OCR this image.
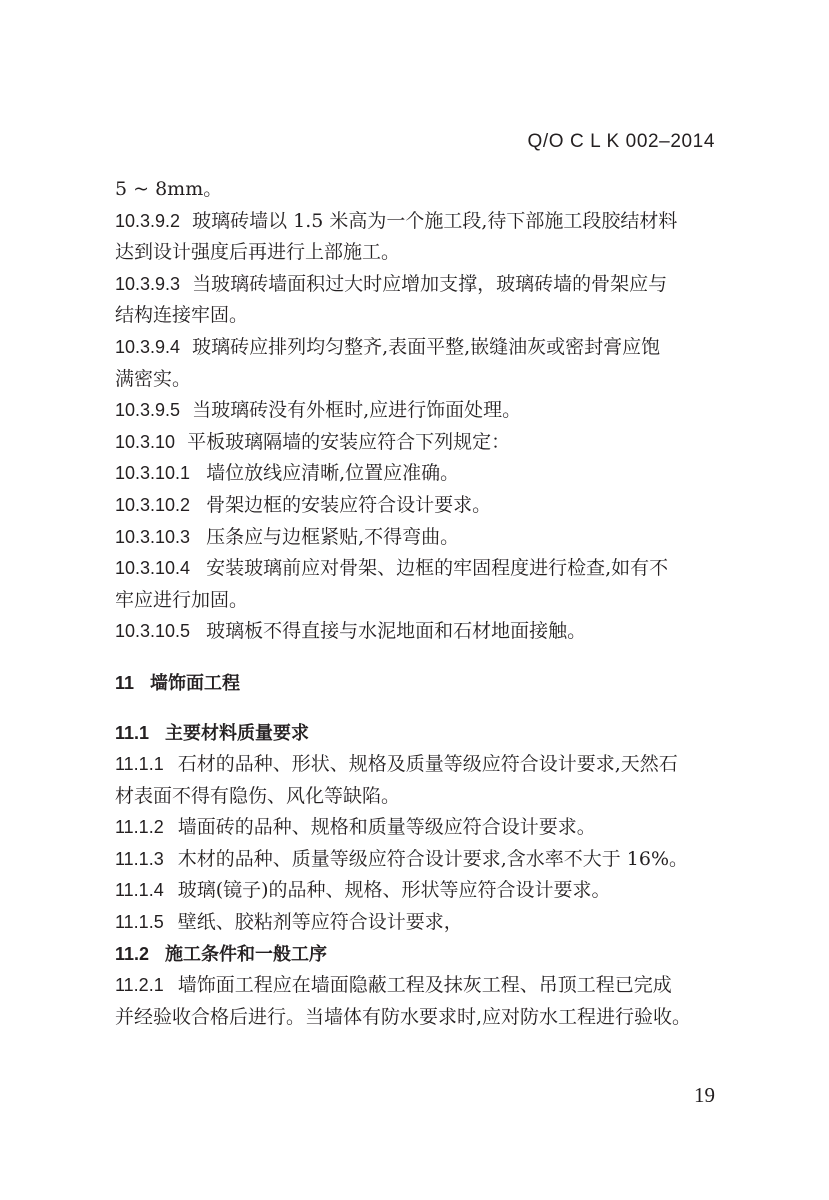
Q/O C L K 002–2014
5 ~ 8mm。
10.3.9.2 玻璃砖墙以 1.5 米高为一个施工段,待下部施工段胶结材料
达到设计强度后再进行上部施工。
10.3.9.3 当玻璃砖墙面积过大时应增加支撑，玻璃砖墙的骨架应与
结构连接牢固。
10.3.9.4 玻璃砖应排列均匀整齐,表面平整,嵌缝油灰或密封膏应饱
满密实。
10.3.9.5 当玻璃砖没有外框时,应进行饰面处理。
10.3.10 平板玻璃隔墙的安装应符合下列规定：
10.3.10.1 墙位放线应清晰,位置应准确。
10.3.10.2 骨架边框的安装应符合设计要求。
10.3.10.3 压条应与边框紧贴,不得弯曲。
10.3.10.4 安装玻璃前应对骨架、边框的牢固程度进行检查,如有不
牢应进行加固。
10.3.10.5 玻璃板不得直接与水泥地面和石材地面接触。
11 墙饰面工程
11.1 主要材料质量要求
11.1.1 石材的品种、形状、规格及质量等级应符合设计要求,天然石
材表面不得有隐伤、风化等缺陷。
11.1.2 墙面砖的品种、规格和质量等级应符合设计要求。
11.1.3 木材的品种、质量等级应符合设计要求,含水率不大于 16%。
11.1.4 玻璃(镜子)的品种、规格、形状等应符合设计要求。
11.1.5 壁纸、胶粘剂等应符合设计要求，
11.2 施工条件和一般工序
11.2.1 墙饰面工程应在墙面隐蔽工程及抹灰工程、吊顶工程已完成
并经验收合格后进行。当墙体有防水要求时,应对防水工程进行验收。
19
